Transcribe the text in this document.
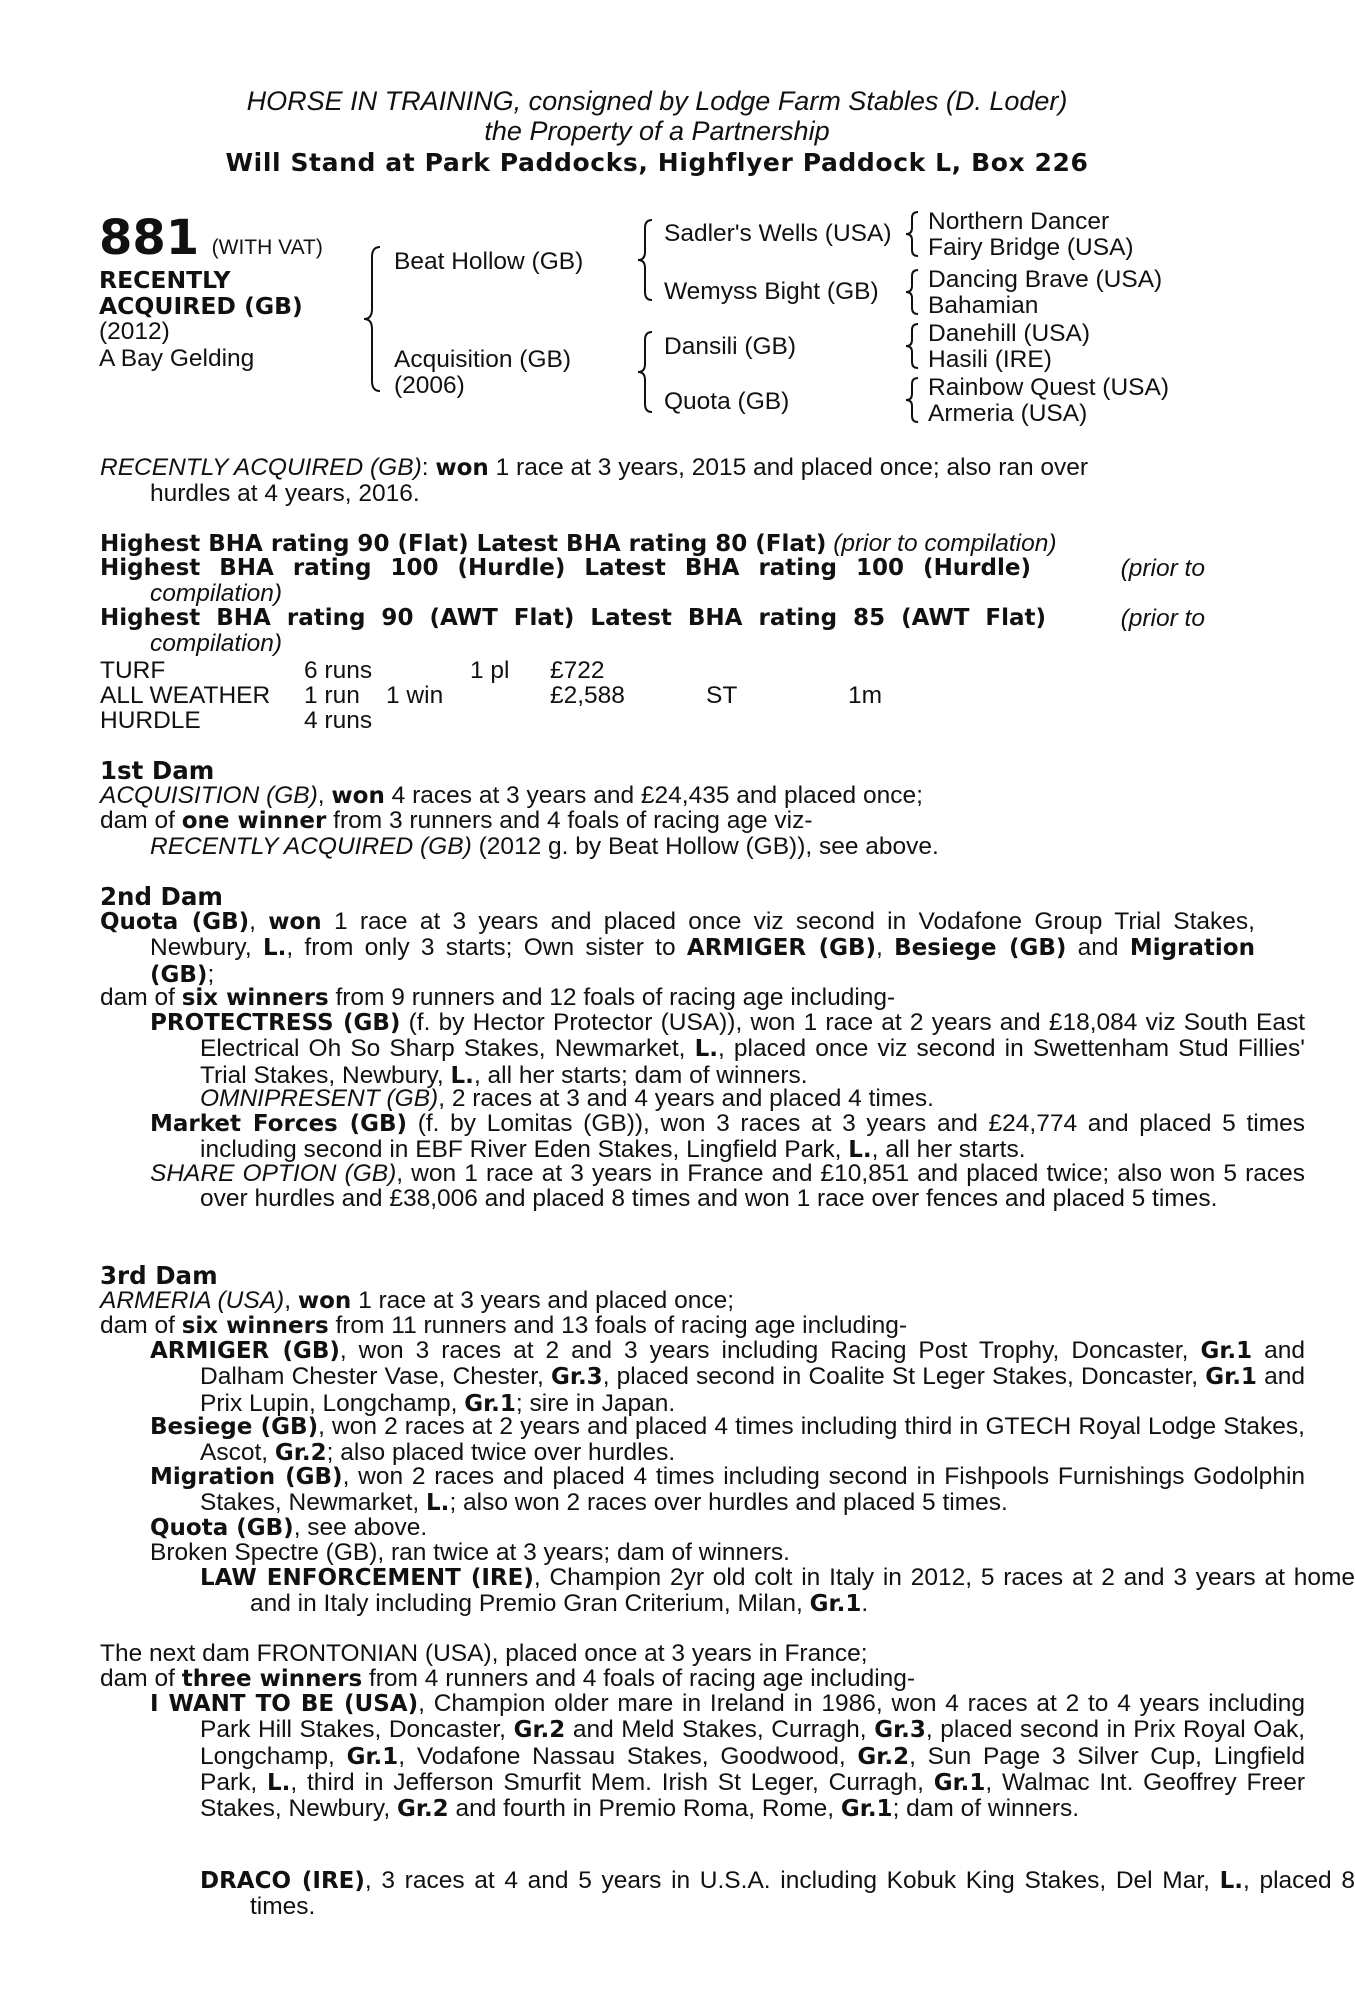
HORSE IN TRAINING, consigned by Lodge Farm Stables (D. Loder)
the Property of a Partnership
Will Stand at Park Paddocks, Highflyer Paddock L, Box 226
881 (WITH VAT)
RECENTLY
ACQUIRED (GB)
(2012)
A Bay Gelding
Beat Hollow (GB)
Acquisition (GB)
(2006)
Sadler's Wells (USA)
Wemyss Bight (GB)
Dansili (GB)
Quota (GB)
Northern Dancer
Fairy Bridge (USA)
Dancing Brave (USA)
Bahamian
Danehill (USA)
Hasili (IRE)
Rainbow Quest (USA)
Armeria (USA)
RECENTLY ACQUIRED (GB): won 1 race at 3 years, 2015 and placed once; also ran over
hurdles at 4 years, 2016.
Highest BHA rating 90 (Flat) Latest BHA rating 80 (Flat) (prior to compilation)
Highest BHA rating 100 (Hurdle) Latest BHA rating 100 (Hurdle)	(prior to
compilation)
Highest BHA rating 90 (AWT Flat) Latest BHA rating 85 (AWT Flat)	(prior to
compilation)
TURF	6 runs	1 pl £722
ALL WEATHER 1 run 1 win	£2,588	ST	1m
HURDLE	4 runs
1st Dam
ACQUISITION (GB), won 4 races at 3 years and £24,435 and placed once;
dam of one winner from 3 runners and 4 foals of racing age viz-
RECENTLY ACQUIRED (GB) (2012 g. by Beat Hollow (GB)), see above.
2nd Dam
Quota (GB), won 1 race at 3 years and placed once viz second in Vodafone Group Trial Stakes, Newbury, L., from only 3 starts; Own sister to ARMIGER (GB), Besiege (GB) and Migration (GB);
dam of six winners from 9 runners and 12 foals of racing age including-
PROTECTRESS (GB) (f. by Hector Protector (USA)), won 1 race at 2 years and £18,084 viz South East Electrical Oh So Sharp Stakes, Newmarket, L., placed once viz second in Swettenham Stud Fillies' Trial Stakes, Newbury, L., all her starts; dam of winners.
OMNIPRESENT (GB), 2 races at 3 and 4 years and placed 4 times.
Market Forces (GB) (f. by Lomitas (GB)), won 3 races at 3 years and £24,774 and placed 5 times including second in EBF River Eden Stakes, Lingfield Park, L., all her starts.
SHARE OPTION (GB), won 1 race at 3 years in France and £10,851 and placed twice; also won 5 races over hurdles and £38,006 and placed 8 times and won 1 race over fences and placed 5 times.
3rd Dam
ARMERIA (USA), won 1 race at 3 years and placed once;
dam of six winners from 11 runners and 13 foals of racing age including-
ARMIGER (GB), won 3 races at 2 and 3 years including Racing Post Trophy, Doncaster, Gr.1 and Dalham Chester Vase, Chester, Gr.3, placed second in Coalite St Leger Stakes, Doncaster, Gr.1 and Prix Lupin, Longchamp, Gr.1; sire in Japan.
Besiege (GB), won 2 races at 2 years and placed 4 times including third in GTECH Royal Lodge Stakes, Ascot, Gr.2; also placed twice over hurdles.
Migration (GB), won 2 races and placed 4 times including second in Fishpools Furnishings Godolphin Stakes, Newmarket, L.; also won 2 races over hurdles and placed 5 times.
Quota (GB), see above.
Broken Spectre (GB), ran twice at 3 years; dam of winners.
LAW ENFORCEMENT (IRE), Champion 2yr old colt in Italy in 2012, 5 races at 2 and 3 years at home and in Italy including Premio Gran Criterium, Milan, Gr.1.
The next dam FRONTONIAN (USA), placed once at 3 years in France;
dam of three winners from 4 runners and 4 foals of racing age including-
I WANT TO BE (USA), Champion older mare in Ireland in 1986, won 4 races at 2 to 4 years including Park Hill Stakes, Doncaster, Gr.2 and Meld Stakes, Curragh, Gr.3, placed second in Prix Royal Oak, Longchamp, Gr.1, Vodafone Nassau Stakes, Goodwood, Gr.2, Sun Page 3 Silver Cup, Lingfield Park, L., third in Jefferson Smurfit Mem. Irish St Leger, Curragh, Gr.1, Walmac Int. Geoffrey Freer Stakes, Newbury, Gr.2 and fourth in Premio Roma, Rome, Gr.1; dam of winners.
DRACO (IRE), 3 races at 4 and 5 years in U.S.A. including Kobuk King Stakes, Del Mar, L., placed 8 times.
